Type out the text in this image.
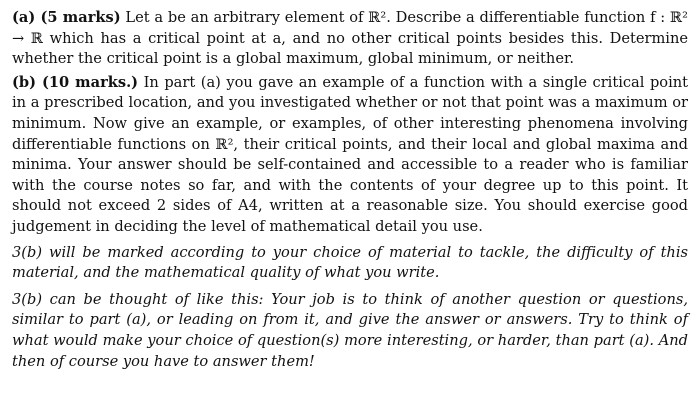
(a) (5 marks) Let a be an arbitrary element of ℝ². Describe a differentiable function f : ℝ² → ℝ which has a critical point at a, and no other critical points besides this. Determine whether the critical point is a global maximum, global minimum, or neither.

(b) (10 marks.) In part (a) you gave an example of a function with a single critical point in a prescribed location, and you investigated whether or not that point was a maximum or minimum. Now give an example, or examples, of other interesting phenomena involving differentiable functions on ℝ², their critical points, and their local and global maxima and minima. Your answer should be self-contained and accessible to a reader who is familiar with the course notes so far, and with the contents of your degree up to this point. It should not exceed 2 sides of A4, written at a reasonable size. You should exercise good judgement in deciding the level of mathematical detail you use.

3(b) will be marked according to your choice of material to tackle, the difficulty of this material, and the mathematical quality of what you write.

3(b) can be thought of like this: Your job is to think of another question or questions, similar to part (a), or leading on from it, and give the answer or answers. Try to think of what would make your choice of question(s) more interesting, or harder, than part (a). And then of course you have to answer them!
